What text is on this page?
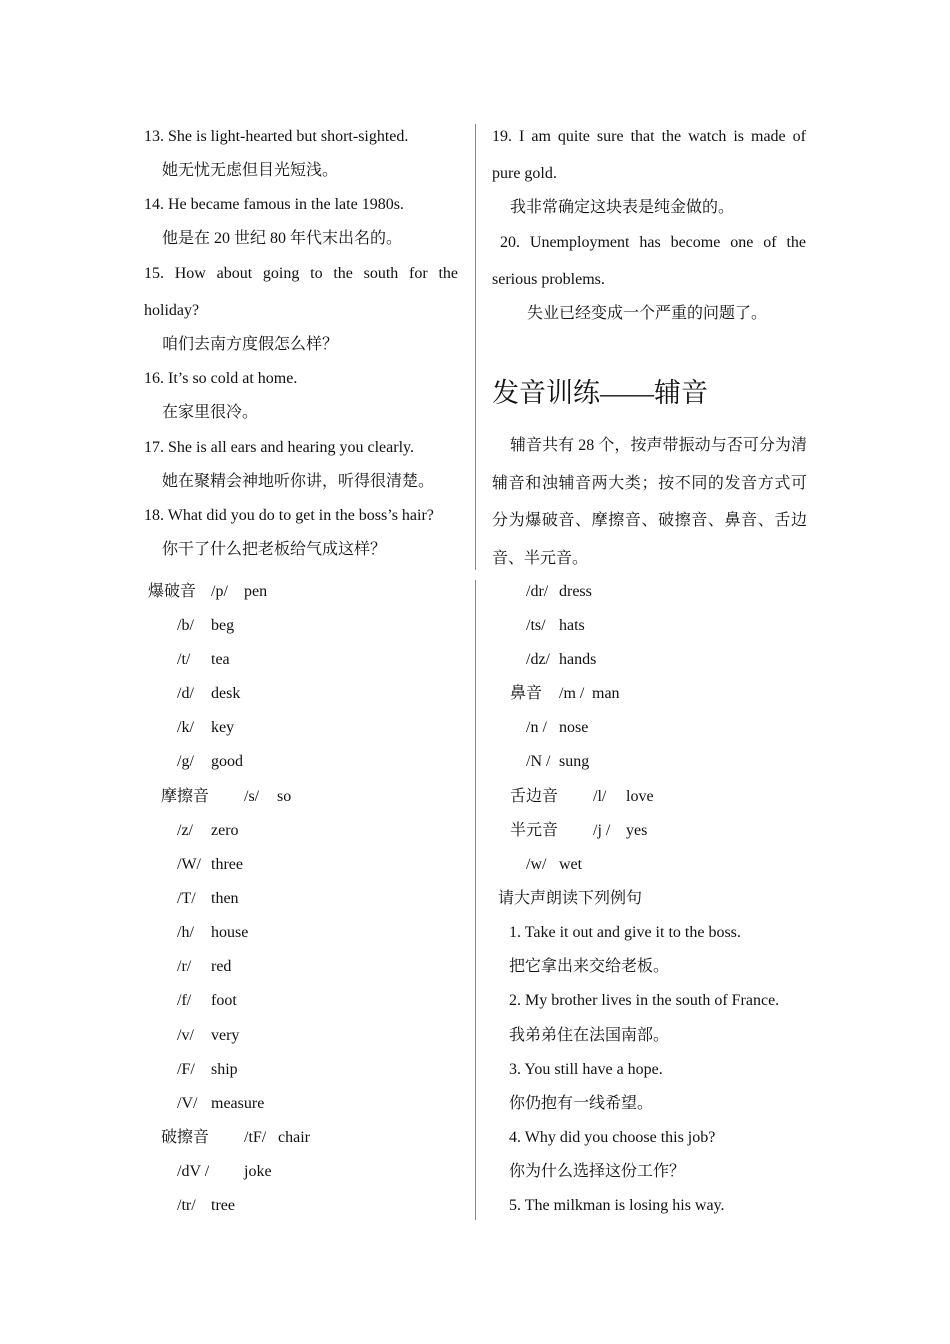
13. She is light-hearted but short-sighted.
她无忧无虑但目光短浅。
14. He became famous in the late 1980s.
他是在 20 世纪 80 年代末出名的。
15. How about going to the south for the
holiday?
咱们去南方度假怎么样？
16. It’s so cold at home.
在家里很冷。
17. She is all ears and hearing you clearly.
她在聚精会神地听你讲，听得很清楚。
18. What did you do to get in the boss’s hair?
你干了什么把老板给气成这样？
19. I am quite sure that the watch is made of
pure gold.
我非常确定这块表是纯金做的。
20. Unemployment has become one of the
serious problems.
失业已经变成一个严重的问题了。
发音训练——辅音
辅音共有 28 个，按声带振动与否可分为清辅音和浊辅音两大类；按不同的发音方式可分为爆破音、摩擦音、破擦音、鼻音、舌边音、半元音。
爆破音 /p/ pen
/b/ beg
/t/ tea
/d/ desk
/k/ key
/g/ good
摩擦音 /s/ so
/z/ zero
/W/ three
/T/ then
/h/ house
/r/ red
/f/ foot
/v/ very
/F/ ship
/V/ measure
破擦音 /tF/ chair
/dV / joke
/tr/ tree
/dr/ dress
/ts/ hats
/dz/ hands
鼻音 /m / man
/n / nose
/N / sung
舌边音 /l/ love
半元音 /j / yes
/w/ wet
请大声朗读下列例句
1. Take it out and give it to the boss.
把它拿出来交给老板。
2. My brother lives in the south of France.
我弟弟住在法国南部。
3. You still have a hope.
你仍抱有一线希望。
4. Why did you choose this job?
你为什么选择这份工作？
5. The milkman is losing his way.
